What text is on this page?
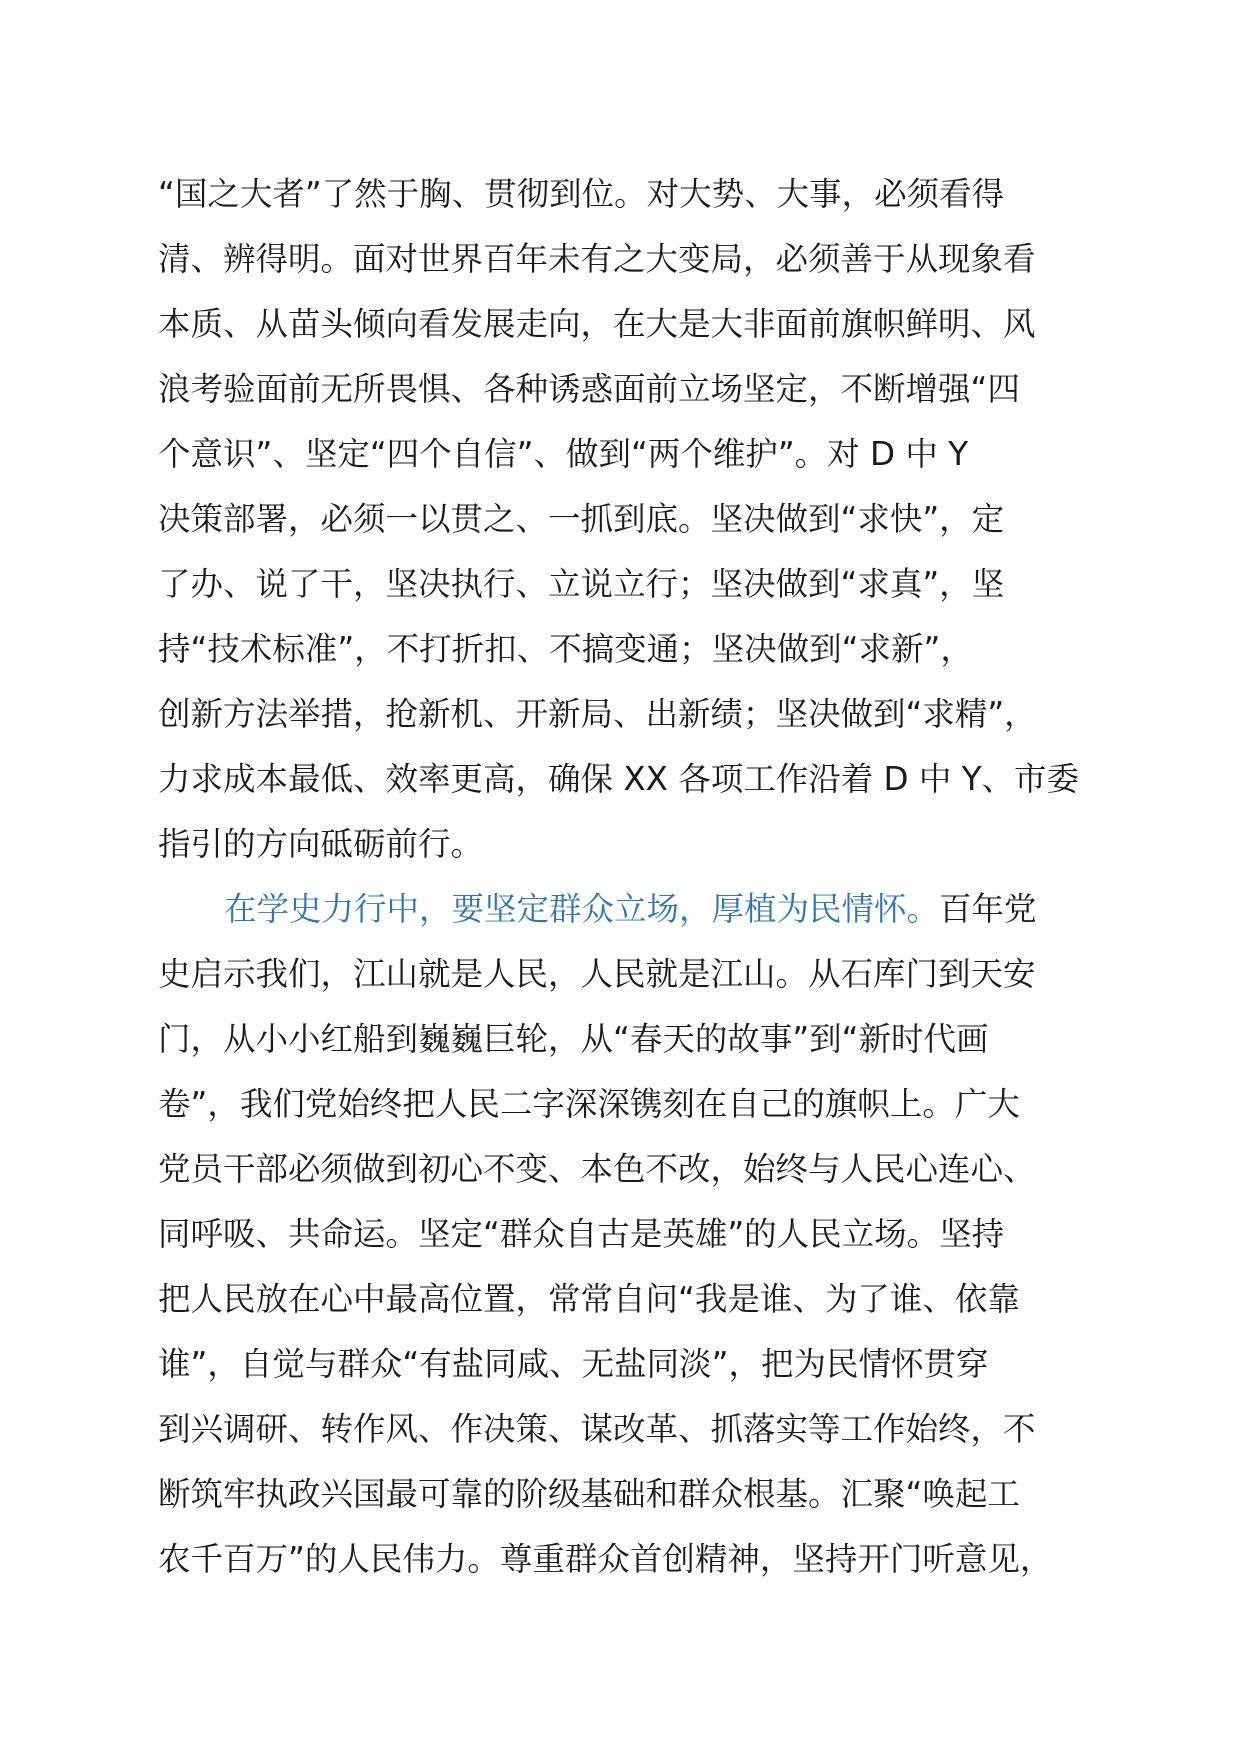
“国之大者”了然于胸、贯彻到位。对大势、大事，必须看得
清、辨得明。面对世界百年未有之大变局，必须善于从现象看
本质、从苗头倾向看发展走向，在大是大非面前旗帜鲜明、风
浪考验面前无所畏惧、各种诱惑面前立场坚定，不断增强“四
个意识”、坚定“四个自信”、做到“两个维护”。对 D 中 Y
决策部署，必须一以贯之、一抓到底。坚决做到“求快”，定
了办、说了干，坚决执行、立说立行；坚决做到“求真”，坚
持“技术标准”，不打折扣、不搞变通；坚决做到“求新”，
创新方法举措，抢新机、开新局、出新绩；坚决做到“求精”，
力求成本最低、效率更高，确保 XX 各项工作沿着 D 中 Y、市委
指引的方向砥砺前行。
在学史力行中，要坚定群众立场，厚植为民情怀。百年党
史启示我们，江山就是人民，人民就是江山。从石库门到天安
门，从小小红船到巍巍巨轮，从“春天的故事”到“新时代画
卷”，我们党始终把人民二字深深镌刻在自己的旗帜上。广大
党员干部必须做到初心不变、本色不改，始终与人民心连心、
同呼吸、共命运。坚定“群众自古是英雄”的人民立场。坚持
把人民放在心中最高位置，常常自问“我是谁、为了谁、依靠
谁”，自觉与群众“有盐同咸、无盐同淡”，把为民情怀贯穿
到兴调研、转作风、作决策、谋改革、抓落实等工作始终，不
断筑牢执政兴国最可靠的阶级基础和群众根基。汇聚“唤起工
农千百万”的人民伟力。尊重群众首创精神，坚持开门听意见，
